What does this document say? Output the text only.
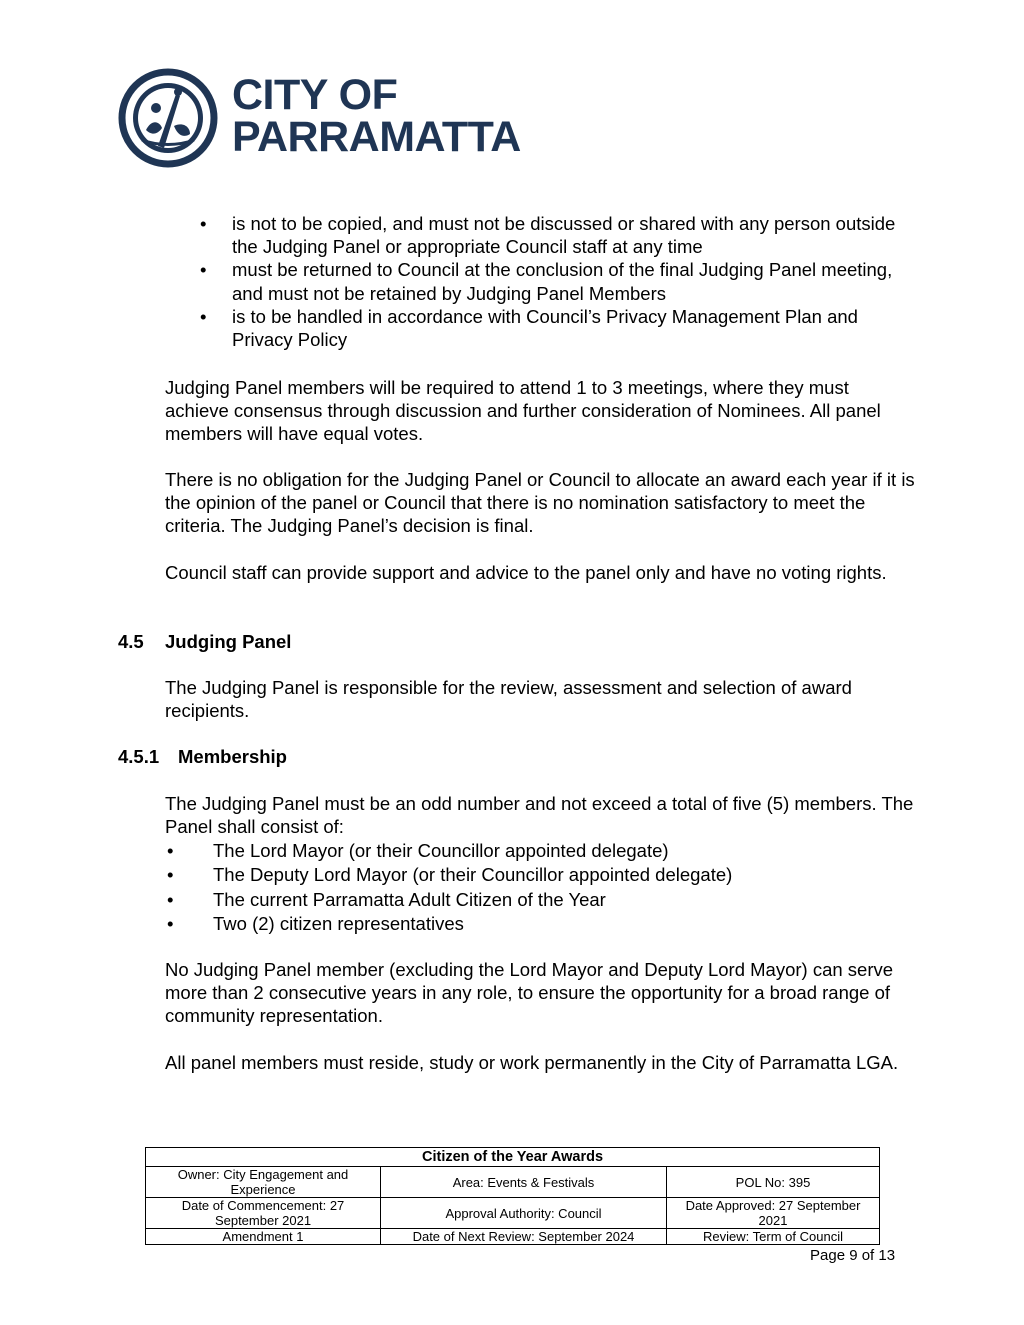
CITY OF
PARRAMATTA
• is not to be copied, and must not be discussed or shared with any person outside the Judging Panel or appropriate Council staff at any time
• must be returned to Council at the conclusion of the final Judging Panel meeting, and must not be retained by Judging Panel Members
• is to be handled in accordance with Council’s Privacy Management Plan and Privacy Policy

Judging Panel members will be required to attend 1 to 3 meetings, where they must achieve consensus through discussion and further consideration of Nominees. All panel members will have equal votes.

There is no obligation for the Judging Panel or Council to allocate an award each year if it is the opinion of the panel or Council that there is no nomination satisfactory to meet the criteria. The Judging Panel’s decision is final.

Council staff can provide support and advice to the panel only and have no voting rights.

4.5 Judging Panel

The Judging Panel is responsible for the review, assessment and selection of award recipients.

4.5.1 Membership

The Judging Panel must be an odd number and not exceed a total of five (5) members. The Panel shall consist of:

• The Lord Mayor (or their Councillor appointed delegate)
• The Deputy Lord Mayor (or their Councillor appointed delegate)
• The current Parramatta Adult Citizen of the Year
• Two (2) citizen representatives

No Judging Panel member (excluding the Lord Mayor and Deputy Lord Mayor) can serve more than 2 consecutive years in any role, to ensure the opportunity for a broad range of community representation.

All panel members must reside, study or work permanently in the City of Parramatta LGA.

Citizen of the Year Awards		
Owner: City Engagement and Experience	Area: Events & Festivals	POL No: 395
Date of Commencement: 27 September 2021	Approval Authority: Council	Date Approved: 27 September 2021
Amendment 1	Date of Next Review: September 2024	Review: Term of Council
Page 9 of 13
